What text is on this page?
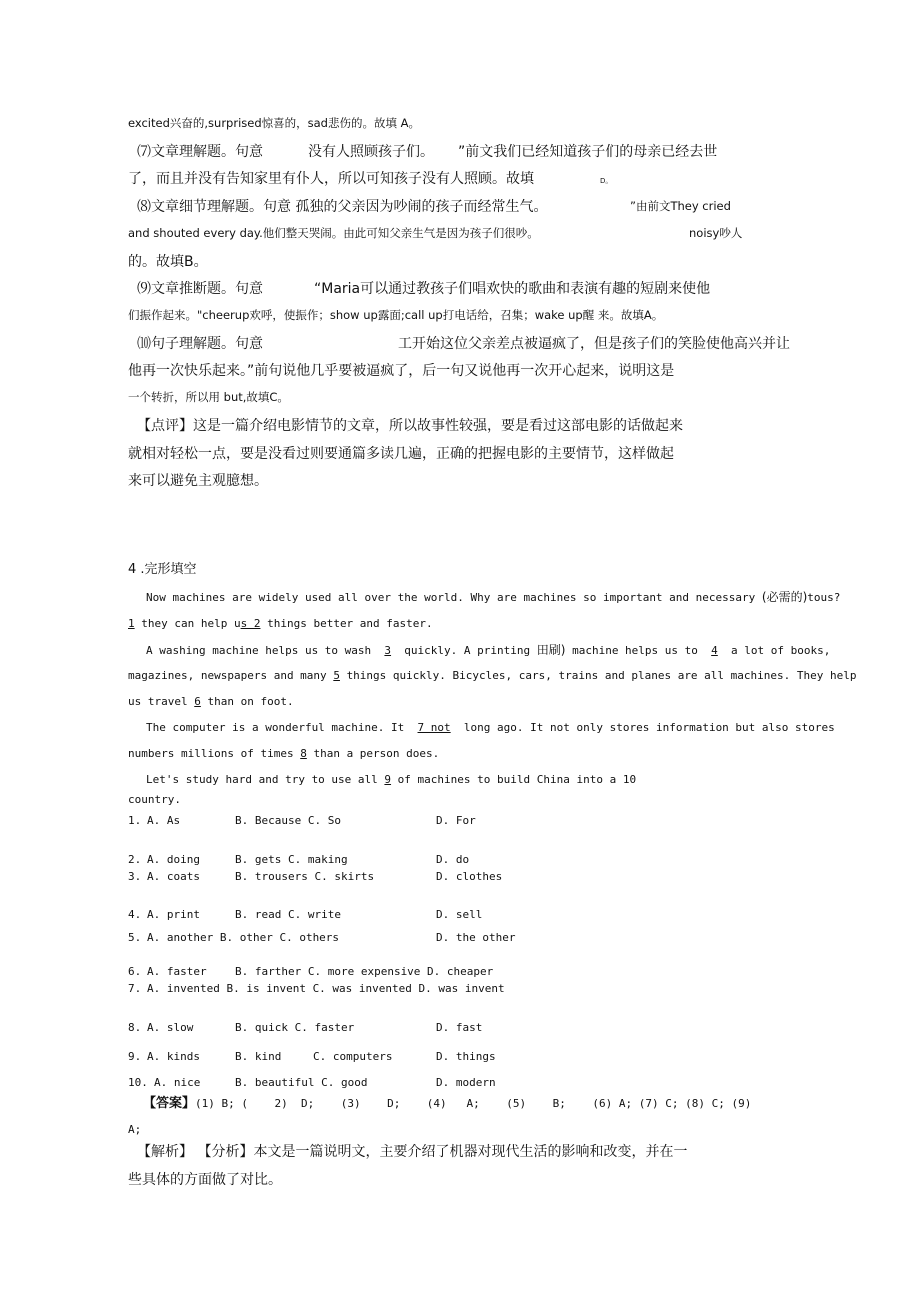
excited兴奋的,surprised惊喜的，sad悲伤的。故填 A。
⑺文章理解题。句意	没有人照顾孩子们。 ”前文我们已经知道孩子们的母亲已经去世
了，而且并没有告知家里有仆人，所以可知孩子没有人照顾。故填	D。
⑻文章细节理解题。句意 孤独的父亲因为吵闹的孩子而经常生气。	”由前文They cried
and shouted every day.他们整天哭闹。由此可知父亲生气是因为孩子们很吵。	noisy吵人
的。故填B。
⑼文章推断题。句意	“Maria可以通过教孩子们唱欢快的歌曲和表演有趣的短剧来使他
们振作起来。"cheerup欢呼，使振作；show up露面;call up打电话给，召集；wake up醒 来。故填A。
⑽句子理解题。句意	工开始这位父亲差点被逼疯了，但是孩子们的笑脸使他高兴并让
他再一次快乐起来。”前句说他几乎要被逼疯了，后一句又说他再一次开心起来，说明这是
一个转折，所以用 but,故填C。
【点评】这是一篇介绍电影情节的文章，所以故事性较强，要是看过这部电影的话做起来
就相对轻松一点，要是没看过则要通篇多读几遍，正确的把握电影的主要情节，这样做起
来可以避免主观臆想。
4 .完形填空
Now machines are widely used all over the world. Why are machines so important and necessary (必需的)tous?
1 they can help us 2 things better and faster.
A washing machine helps us to wash 3 quickly. A printing 田刷) machine helps us to 4 a lot of books,
magazines, newspapers and many 5 things quickly. Bicycles, cars, trains and planes are all machines. They help
us travel 6 than on foot.
The computer is a wonderful machine. It 7 not long ago. It not only stores information but also stores
numbers millions of times 8 than a person does.
Let's study hard and try to use all 9 of machines to build China into a 10
country.
1. A. As	B. Because C. So	D. For
2. A. doing	B. gets C. making	D. do
3. A. coats	B. trousers C. skirts	D. clothes
4. A. print	B. read C. write	D. sell
5. A. another B. other C. others	D. the other
6. A. faster	B. farther C. more expensive D. cheaper
7. A. invented B. is invent C. was invented D. was invent
8. A. slow	B. quick C. faster	D. fast
9. A. kinds	B. kind	C. computers	D. things
10. A. nice	B. beautiful C. good	D. modern
【答案】(1) B; (    2)  D;    (3)    D;    (4)   A;    (5)    B;    (6) A; (7) C; (8) C; (9)
A;
【解析】 【分析】本文是一篇说明文，主要介绍了机器对现代生活的影响和改变，并在一
些具体的方面做了对比。
